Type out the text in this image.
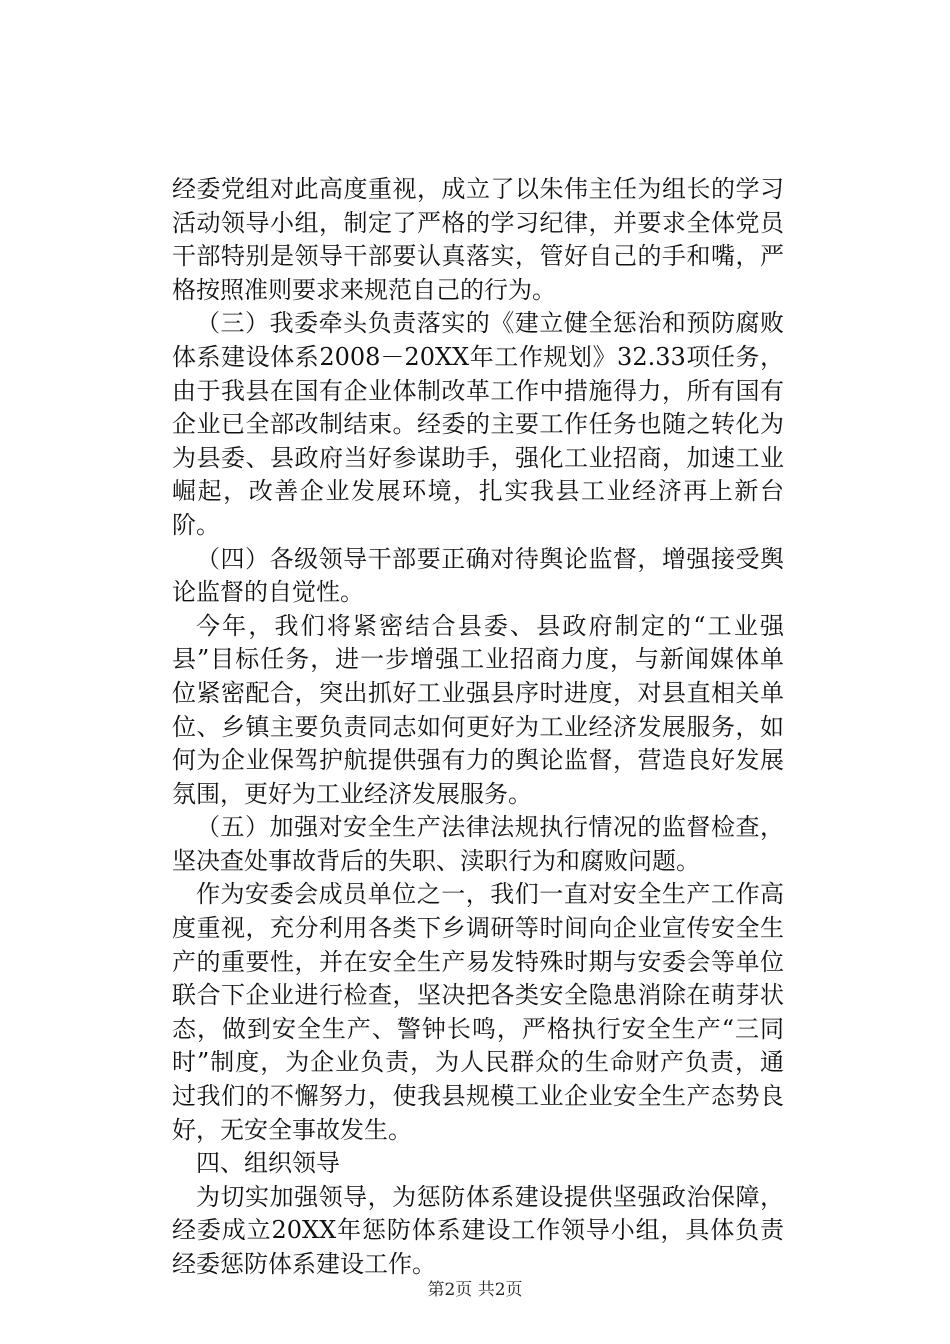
经委党组对此高度重视，成立了以朱伟主任为组长的学习活动领导小组，制定了严格的学习纪律，并要求全体党员干部特别是领导干部要认真落实，管好自己的手和嘴，严格按照准则要求来规范自己的行为。

（三）我委牵头负责落实的《建立健全惩治和预防腐败体系建设体系2008－20XX年工作规划》32.33项任务，由于我县在国有企业体制改革工作中措施得力，所有国有企业已全部改制结束。经委的主要工作任务也随之转化为为县委、县政府当好参谋助手，强化工业招商，加速工业崛起，改善企业发展环境，扎实我县工业经济再上新台阶。

（四）各级领导干部要正确对待舆论监督，增强接受舆论监督的自觉性。

今年，我们将紧密结合县委、县政府制定的“工业强县”目标任务，进一步增强工业招商力度，与新闻媒体单位紧密配合，突出抓好工业强县序时进度，对县直相关单位、乡镇主要负责同志如何更好为工业经济发展服务，如何为企业保驾护航提供强有力的舆论监督，营造良好发展氛围，更好为工业经济发展服务。

（五）加强对安全生产法律法规执行情况的监督检查，坚决查处事故背后的失职、渎职行为和腐败问题。

作为安委会成员单位之一，我们一直对安全生产工作高度重视，充分利用各类下乡调研等时间向企业宣传安全生产的重要性，并在安全生产易发特殊时期与安委会等单位联合下企业进行检查，坚决把各类安全隐患消除在萌芽状态，做到安全生产、警钟长鸣，严格执行安全生产“三同时”制度，为企业负责，为人民群众的生命财产负责，通过我们的不懈努力，使我县规模工业企业安全生产态势良好，无安全事故发生。

四、组织领导

为切实加强领导，为惩防体系建设提供坚强政治保障，经委成立20XX年惩防体系建设工作领导小组，具体负责经委惩防体系建设工作。

第2页 共2页
